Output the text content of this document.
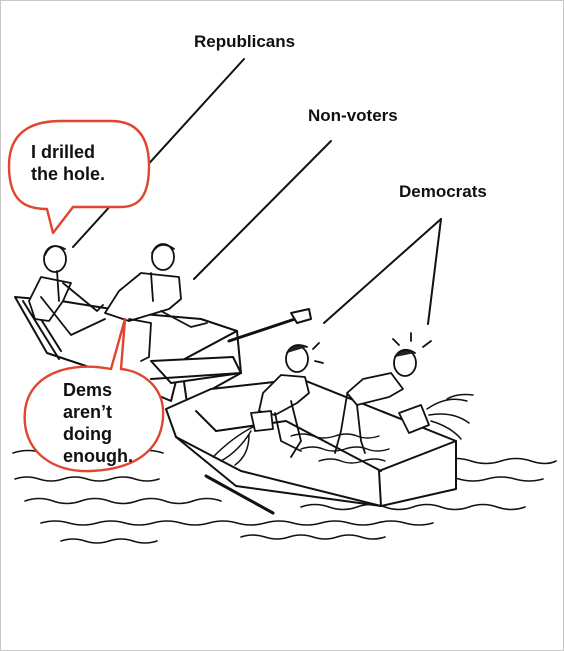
Republicans
Non-voters
Democrats
I drilled
the hole.
Dems
aren’t
doing
enough.
